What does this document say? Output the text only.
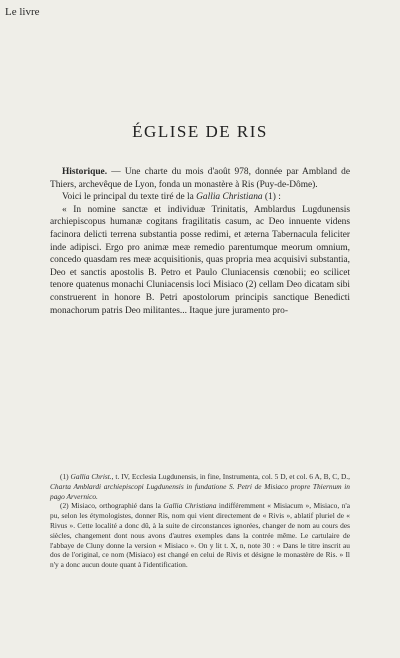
Le livre
ÉGLISE DE RIS

Historique. — Une charte du mois d'août 978, donnée par Ambland de Thiers, archevêque de Lyon, fonda un monastère à Ris (Puy-de-Dôme).

Voici le principal du texte tiré de la Gallia Christiana (1) :

« In nomine sanctæ et individuæ Trinitatis, Amblardus Lugdunensis archiepiscopus humanæ cogitans fragilitatis casum, ac Deo innuente videns facinora delicti terrena substantia posse redimi, et æterna Tabernacula feliciter inde adipisci. Ergo pro animæ meæ remedio parentumque meorum omnium, concedo quasdam res meæ acquisitionis, quas propria mea acquisivi substantia, Deo et sanctis apostolis B. Petro et Paulo Cluniacensis cœnobii; eo scilicet tenore quatenus monachi Cluniacensis loci Misiaco (2) cellam Deo dicatam sibi construerent in honore B. Petri apostolorum principis sanctique Benedicti monachorum patris Deo militantes... Itaque jure juramento pro-

(1) Gallia Christ., t. IV, Ecclesia Lugdunensis, in fine, Instrumenta, col. 5 D, et col. 6 A, B, C, D., Charta Amblardi archiepiscopi Lugdunensis in fundatione S. Petri de Misiaco propre Thiernum in pago Arvernico.

(2) Misiaco, orthographié dans la Gallia Christiana indifféremment « Misiacum », Misiaco, n'a pu, selon les étymologistes, donner Ris, nom qui vient directement de « Rivis », ablatif pluriel de « Rivus ». Cette localité a donc dû, à la suite de circonstances ignorées, changer de nom au cours des siècles, changement dont nous avons d'autres exemples dans la contrée même. Le cartulaire de l'abbaye de Cluny donne la version « Misiaco ». On y lit t. X, n, note 30 : « Dans le titre inscrit au dos de l'original, ce nom (Misiaco) est changé en celui de Rivis et désigne le monastère de Ris. » Il n'y a donc aucun doute quant à l'identification.
